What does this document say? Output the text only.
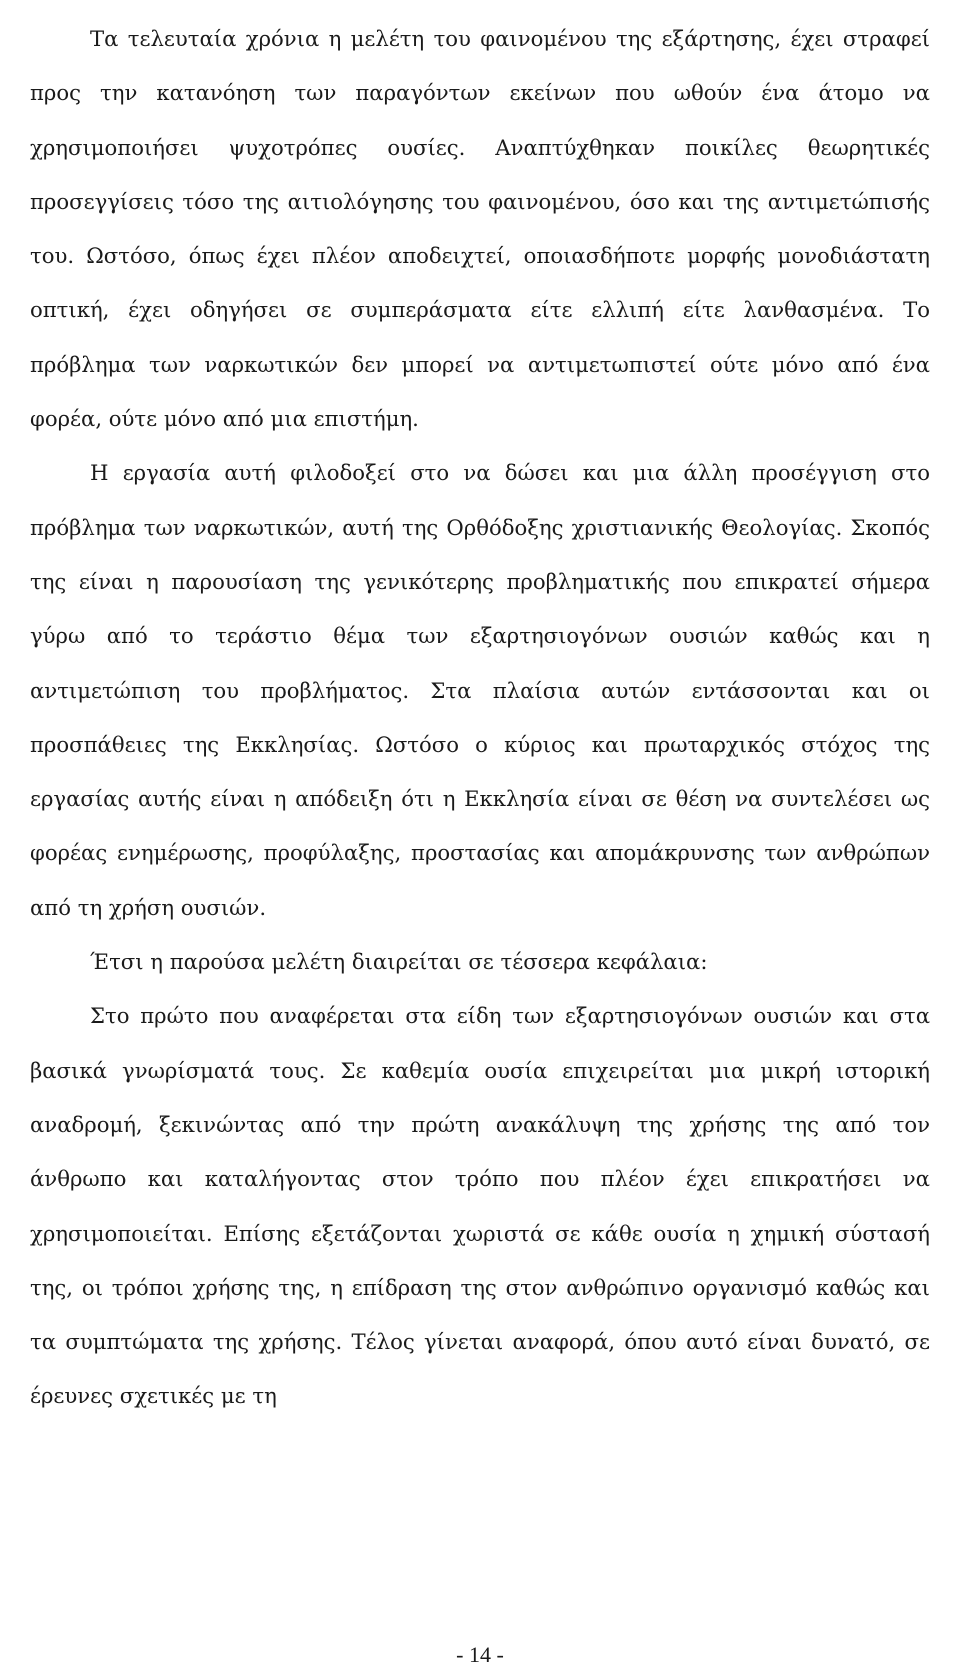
Τα τελευταία χρόνια η μελέτη του φαινομένου της εξάρτησης, έχει στραφεί προς την κατανόηση των παραγόντων εκείνων που ωθούν ένα άτομο να χρησιμοποιήσει ψυχοτρόπες ουσίες. Αναπτύχθηκαν ποικίλες θεωρητικές προσεγγίσεις τόσο της αιτιολόγησης του φαινομένου, όσο και της αντιμετώπισής του. Ωστόσο, όπως έχει πλέον αποδειχτεί, οποιασδήποτε μορφής μονοδιάστατη οπτική, έχει οδηγήσει σε συμπεράσματα είτε ελλιπή είτε λανθασμένα. Το πρόβλημα των ναρκωτικών δεν μπορεί να αντιμετωπιστεί ούτε μόνο από ένα φορέα, ούτε μόνο από μια επιστήμη.

Η εργασία αυτή φιλοδοξεί στο να δώσει και μια άλλη προσέγγιση στο πρόβλημα των ναρκωτικών, αυτή της Ορθόδοξης χριστιανικής Θεολογίας. Σκοπός της είναι η παρουσίαση της γενικότερης προβληματικής που επικρατεί σήμερα γύρω από το τεράστιο θέμα των εξαρτησιογόνων ουσιών καθώς και η αντιμετώπιση του προβλήματος. Στα πλαίσια αυτών εντάσσονται και οι προσπάθειες της Εκκλησίας. Ωστόσο ο κύριος και πρωταρχικός στόχος της εργασίας αυτής είναι η απόδειξη ότι η Εκκλησία είναι σε θέση να συντελέσει ως φορέας ενημέρωσης, προφύλαξης, προστασίας και απομάκρυνσης των ανθρώπων από τη χρήση ουσιών.

Έτσι η παρούσα μελέτη διαιρείται σε τέσσερα κεφάλαια:

Στο πρώτο που αναφέρεται στα είδη των εξαρτησιογόνων ουσιών και στα βασικά γνωρίσματά τους. Σε καθεμία ουσία επιχειρείται μια μικρή ιστορική αναδρομή, ξεκινώντας από την πρώτη ανακάλυψη της χρήσης της από τον άνθρωπο και καταλήγοντας στον τρόπο που πλέον έχει επικρατήσει να χρησιμοποιείται. Επίσης εξετάζονται χωριστά σε κάθε ουσία η χημική σύστασή της, οι τρόποι χρήσης της, η επίδραση της στον ανθρώπινο οργανισμό καθώς και τα συμπτώματα της χρήσης. Τέλος γίνεται αναφορά, όπου αυτό είναι δυνατό, σε έρευνες σχετικές με τη

- 14 -
